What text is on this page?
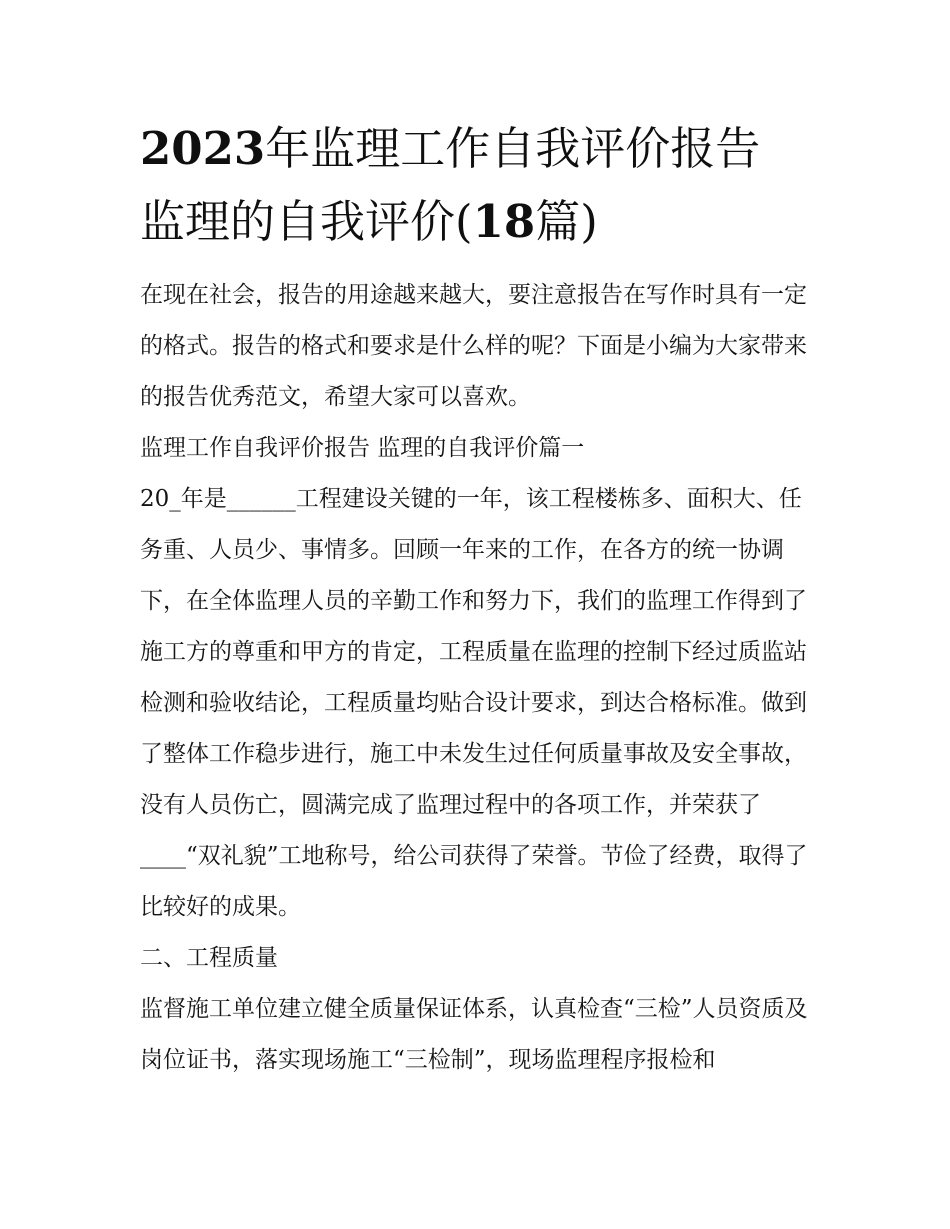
2023年监理工作自我评价报告
监理的自我评价(18篇)

在现在社会，报告的用途越来越大，要注意报告在写作时具有一定的格式。报告的格式和要求是什么样的呢？下面是小编为大家带来的报告优秀范文，希望大家可以喜欢。

监理工作自我评价报告 监理的自我评价篇一

20_年是______工程建设关键的一年，该工程楼栋多、面积大、任务重、人员少、事情多。回顾一年来的工作，在各方的统一协调下，在全体监理人员的辛勤工作和努力下，我们的监理工作得到了施工方的尊重和甲方的肯定，工程质量在监理的控制下经过质监站检测和验收结论，工程质量均贴合设计要求，到达合格标准。做到了整体工作稳步进行，施工中未发生过任何质量事故及安全事故，没有人员伤亡，圆满完成了监理过程中的各项工作，并荣获了____“双礼貌”工地称号，给公司获得了荣誉。节俭了经费，取得了比较好的成果。

二、工程质量

监督施工单位建立健全质量保证体系，认真检查“三检”人员资质及岗位证书，落实现场施工“三检制”，现场监理程序报检和
